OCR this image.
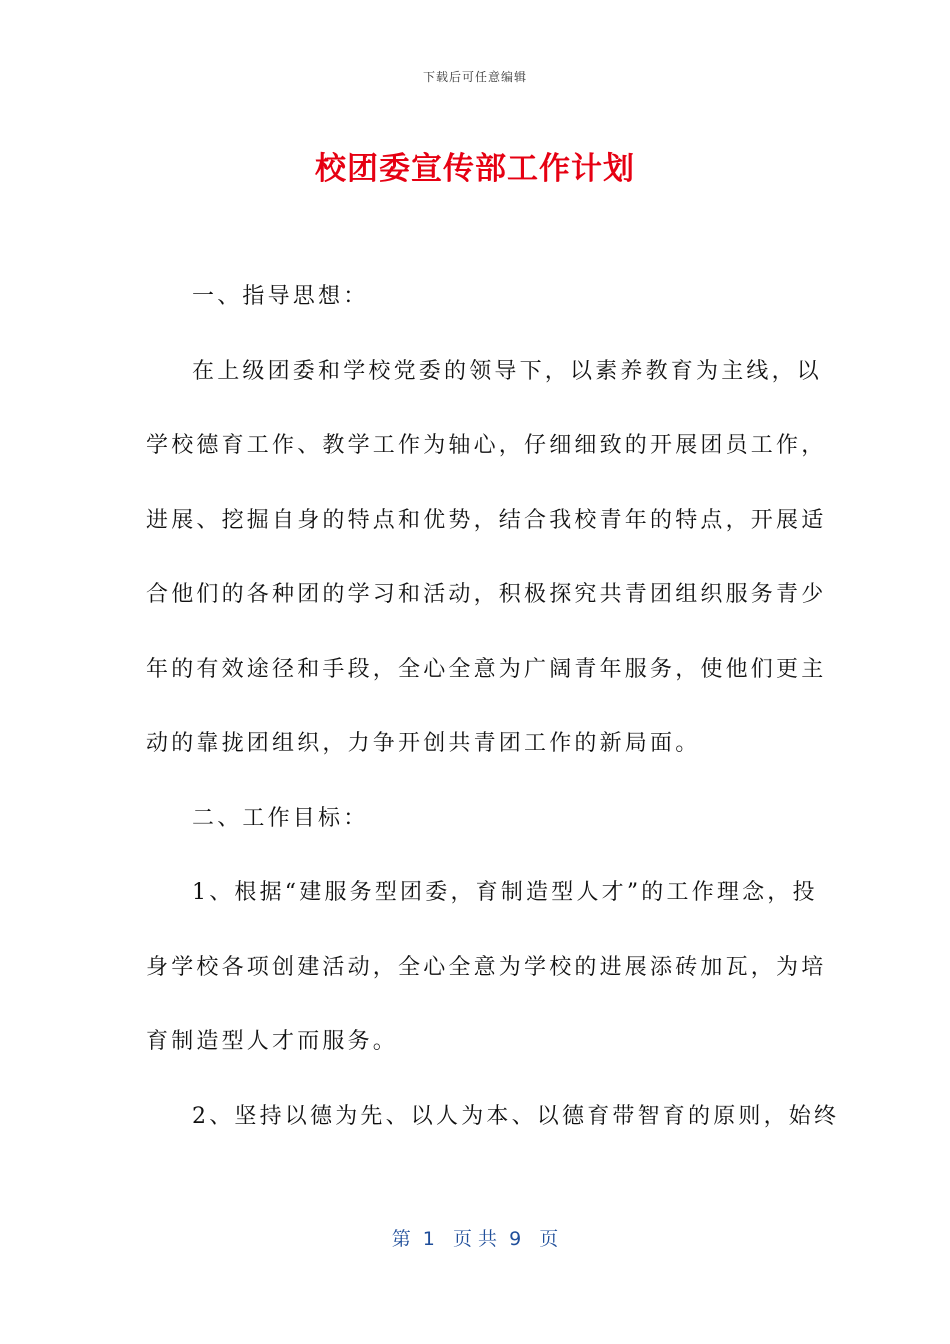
下载后可任意编辑
校团委宣传部工作计划
一、指导思想：
在上级团委和学校党委的领导下，以素养教育为主线，以
学校德育工作、教学工作为轴心，仔细细致的开展团员工作，
进展、挖掘自身的特点和优势，结合我校青年的特点，开展适
合他们的各种团的学习和活动，积极探究共青团组织服务青少
年的有效途径和手段，全心全意为广阔青年服务，使他们更主
动的靠拢团组织，力争开创共青团工作的新局面。
二、工作目标：
1、根据“建服务型团委，育制造型人才”的工作理念，投
身学校各项创建活动，全心全意为学校的进展添砖加瓦，为培
育制造型人才而服务。
2、坚持以德为先、以人为本、以德育带智育的原则，始终
第  1   页 共  9   页
